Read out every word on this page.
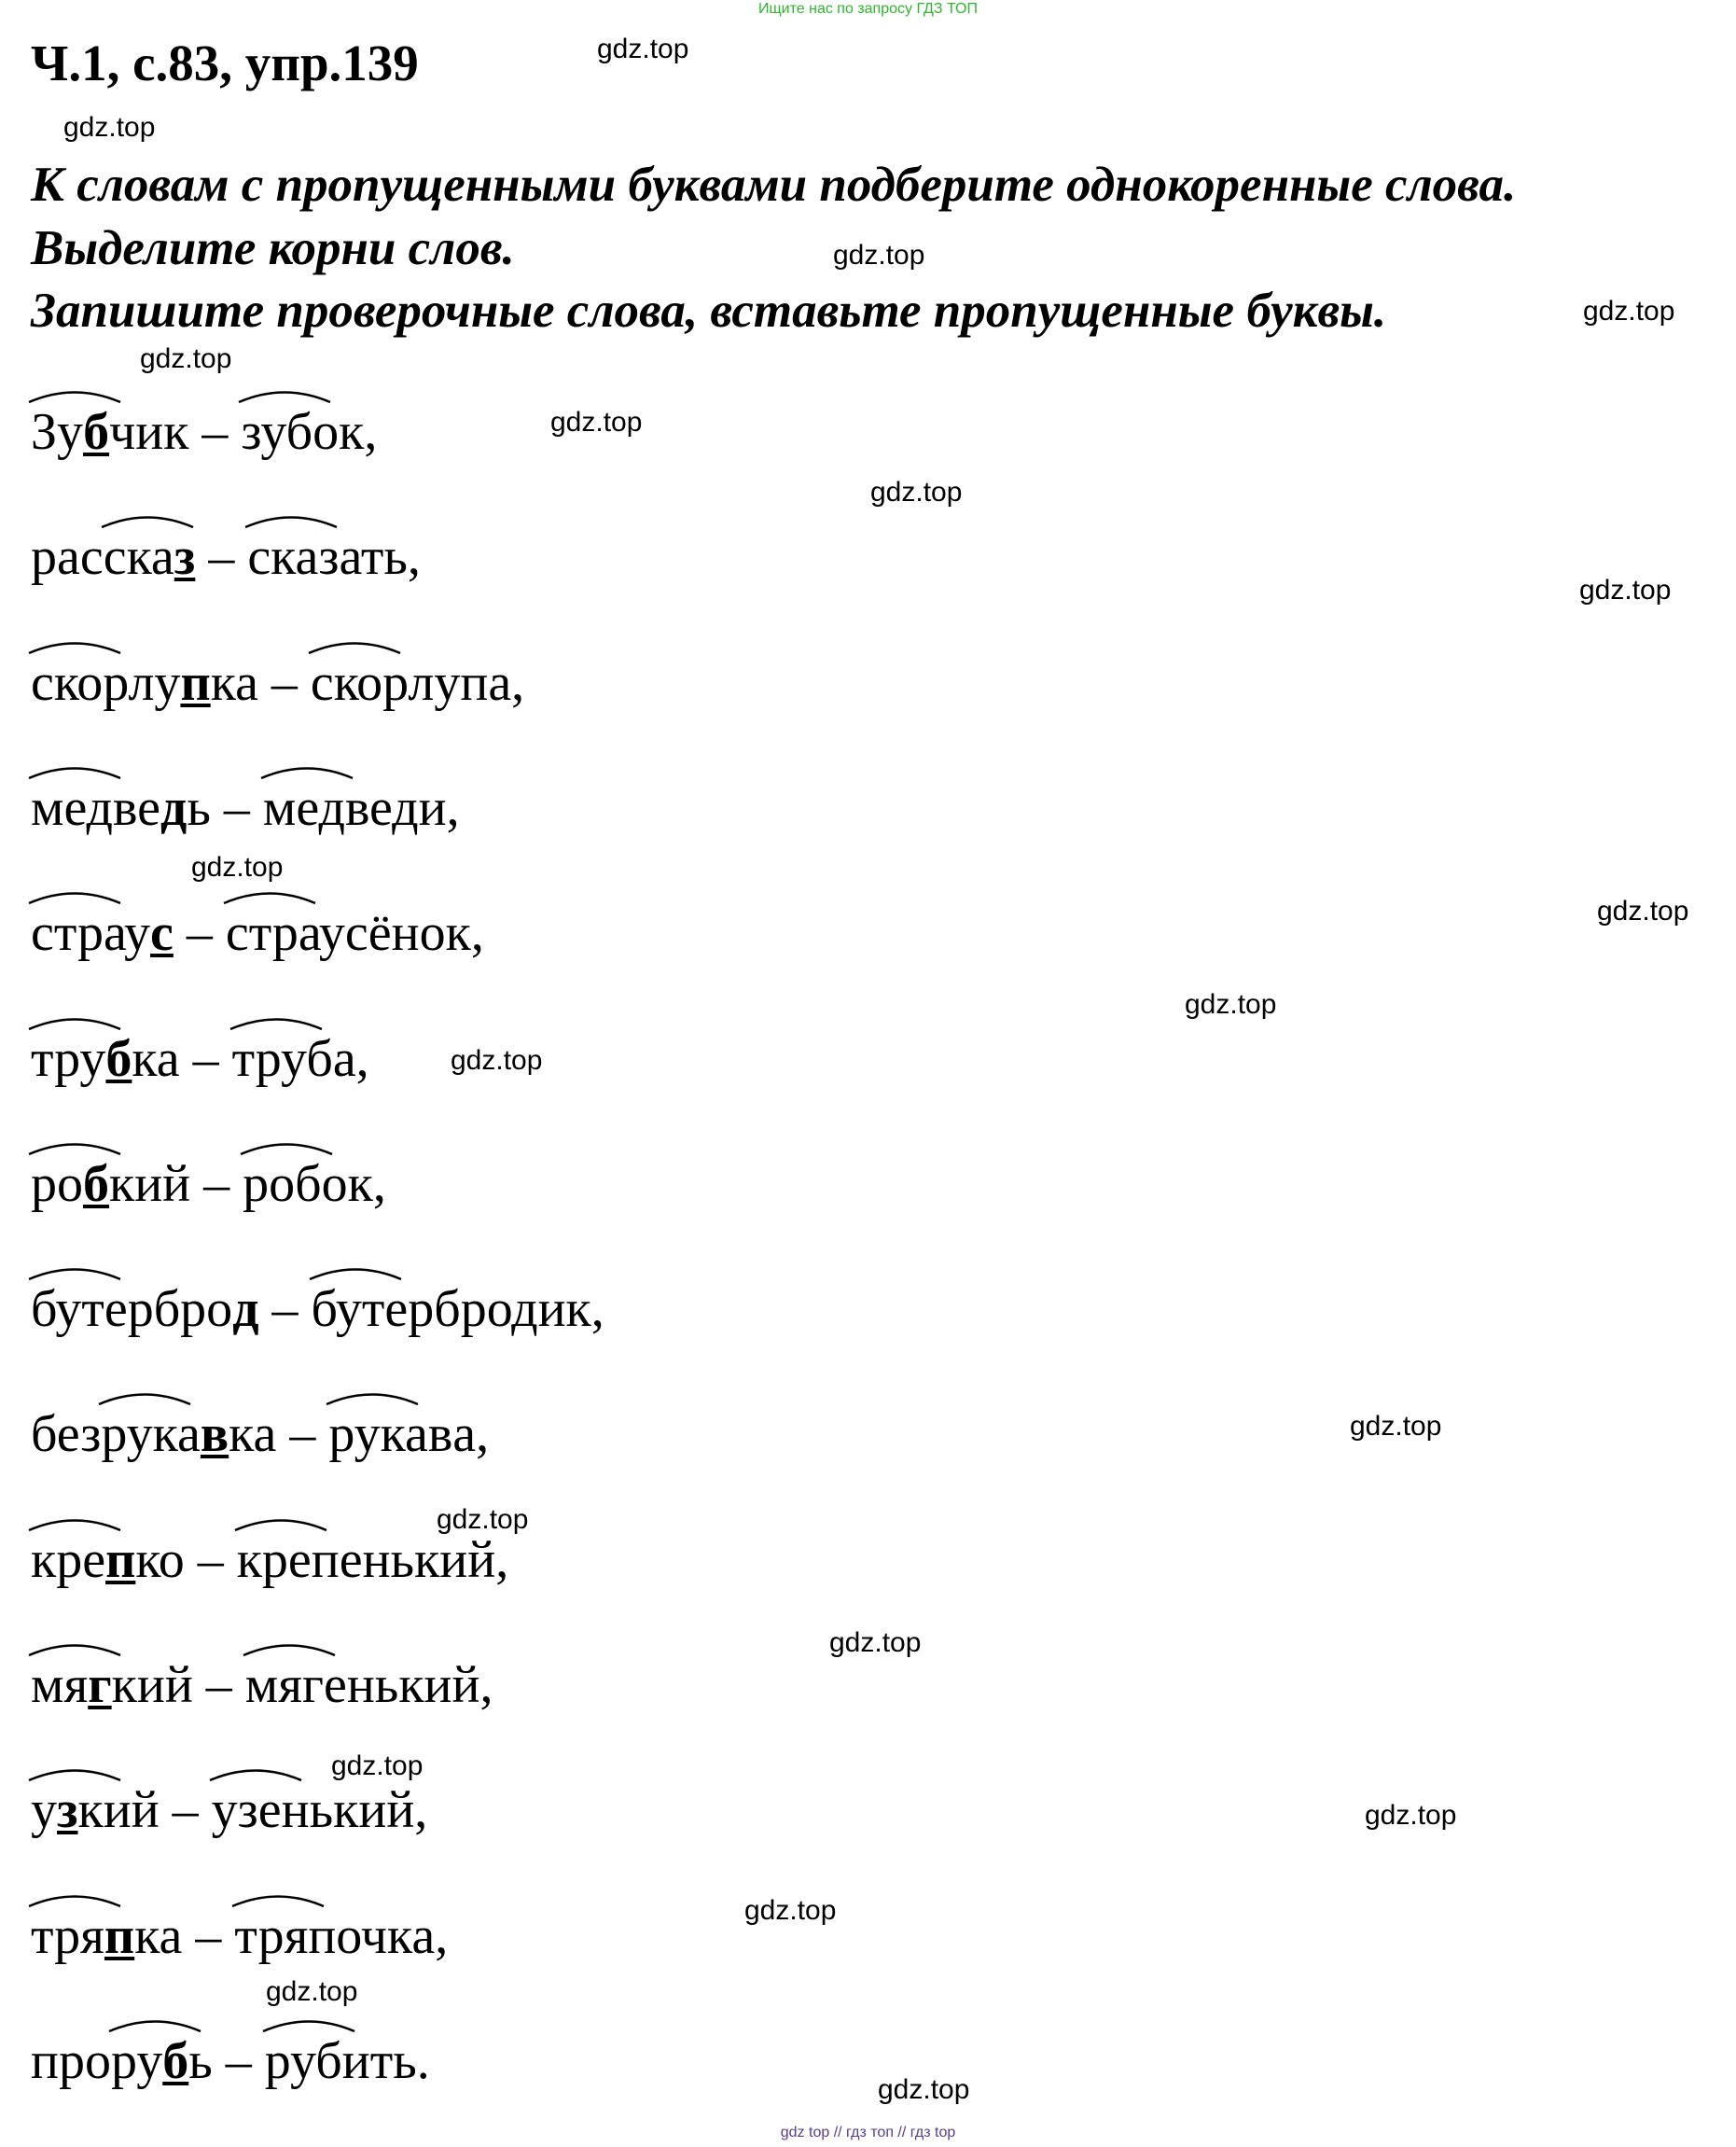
Ищите нас по запросу ГДЗ ТОП
Ч.1, с.83, упр.139
К словам с пропущенными буквами подберите однокоренные слова.
Выделите корни слов.
Запишите проверочные слова, вставьте пропущенные буквы.
gdz.top
gdz.top
gdz.top
gdz.top
gdz.top
gdz.top
gdz.top
gdz.top
gdz.top
gdz.top
gdz.top
gdz.top
gdz.top
gdz.top
gdz.top
gdz.top
gdz.top
gdz.top
gdz.top
gdz.top
Зуб
чик – зуб
ок,
рассказ
– сказ
ать,
скорлуп
ка – скорлуп
а,
медвед
ь – медвед
и,
страус
– страус
ёнок,
труб
ка – труб
а,
роб
кий – роб
ок,
бутерброд
– бутерброд
ик,
безрукав
ка – рукав
а,
креп
ко – креп
енький,
мяг
кий – мяг
енький,
уз
кий – уз
енький,
тряп
ка – тряп
очка,
проруб
ь – руб
ить.
gdz top // гдз топ // гдз top
